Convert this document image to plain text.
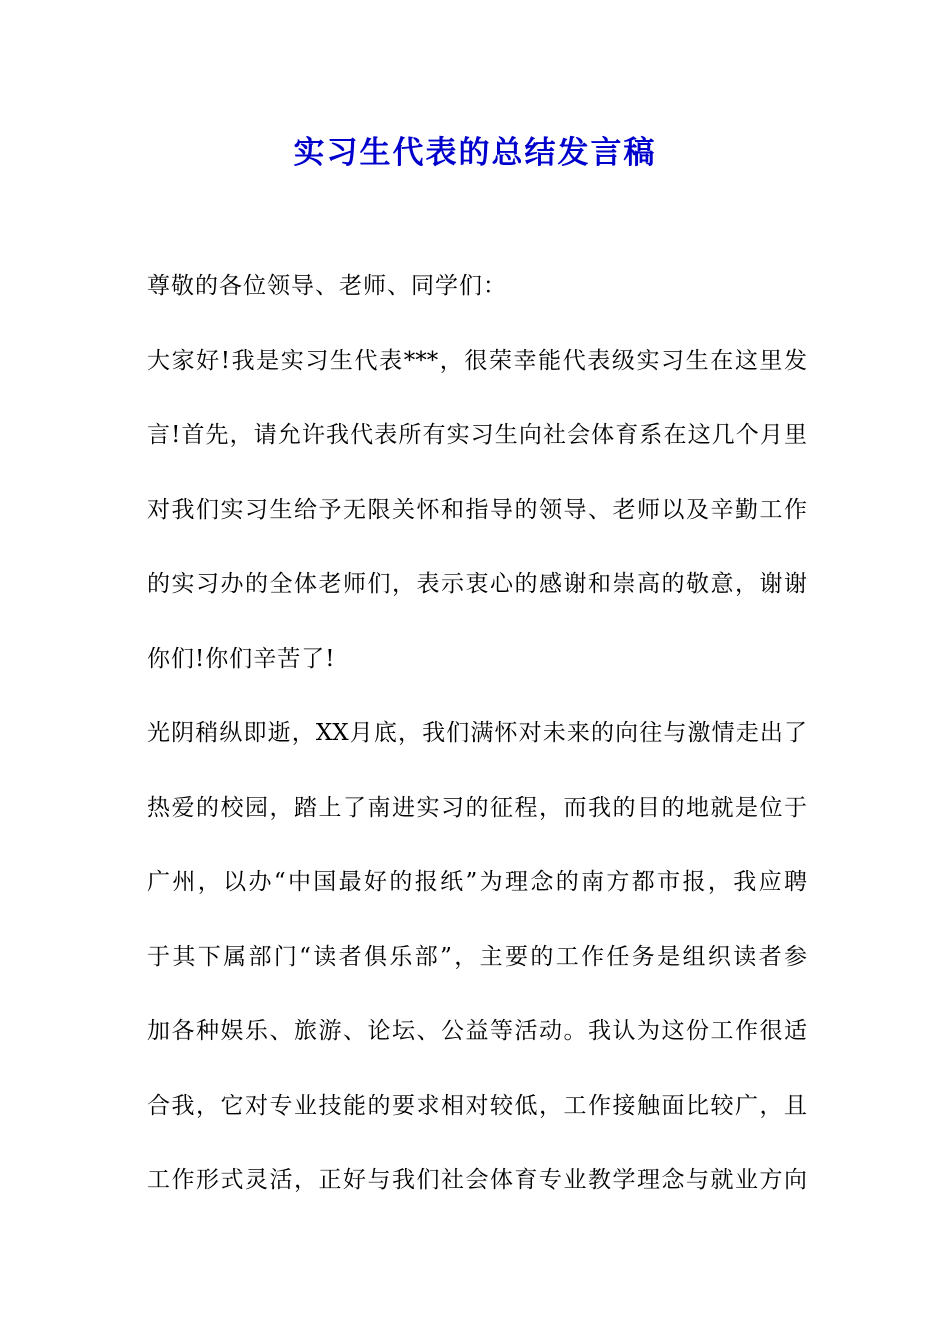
实习生代表的总结发言稿
尊敬的各位领导、老师、同学们：
大家好!我是实习生代表***，很荣幸能代表级实习生在这里发
言!首先，请允许我代表所有实习生向社会体育系在这几个月里
对我们实习生给予无限关怀和指导的领导、老师以及辛勤工作
的实习办的全体老师们，表示衷心的感谢和崇高的敬意，谢谢
你们!你们辛苦了!
光阴稍纵即逝，XX月底，我们满怀对未来的向往与激情走出了
热爱的校园，踏上了南进实习的征程，而我的目的地就是位于
广州，以办“中国最好的报纸”为理念的南方都市报，我应聘
于其下属部门“读者俱乐部”，主要的工作任务是组织读者参
加各种娱乐、旅游、论坛、公益等活动。我认为这份工作很适
合我，它对专业技能的要求相对较低，工作接触面比较广，且
工作形式灵活，正好与我们社会体育专业教学理念与就业方向
